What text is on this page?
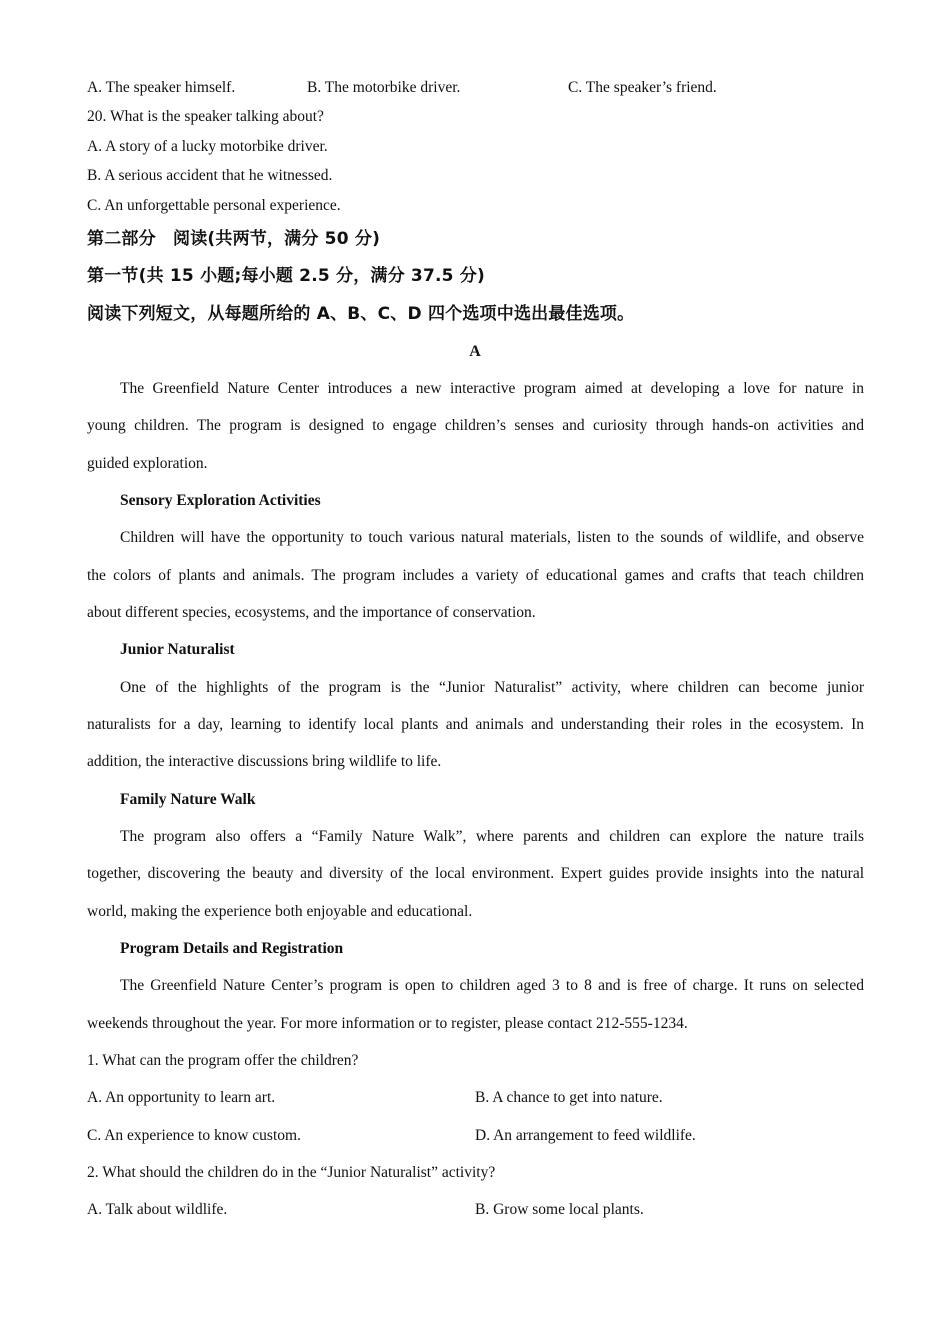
A. The speaker himself.	B. The motorbike driver.	C. The speaker’s friend.
20. What is the speaker talking about?
A. A story of a lucky motorbike driver.
B. A serious accident that he witnessed.
C. An unforgettable personal experience.
第二部分　阅读(共两节，满分 50 分)
第一节(共 15 小题;每小题 2.5 分，满分 37.5 分)
阅读下列短文，从每题所给的 A、B、C、D 四个选项中选出最佳选项。
A
The Greenfield Nature Center introduces a new interactive program aimed at developing a love for nature in
young children. The program is designed to engage children’s senses and curiosity through hands-on activities and
guided exploration.
Sensory Exploration Activities
Children will have the opportunity to touch various natural materials, listen to the sounds of wildlife, and observe
the colors of plants and animals. The program includes a variety of educational games and crafts that teach children
about different species, ecosystems, and the importance of conservation.
Junior Naturalist
One of the highlights of the program is the “Junior Naturalist” activity, where children can become junior
naturalists for a day, learning to identify local plants and animals and understanding their roles in the ecosystem. In
addition, the interactive discussions bring wildlife to life.
Family Nature Walk
The program also offers a “Family Nature Walk”, where parents and children can explore the nature trails
together, discovering the beauty and diversity of the local environment. Expert guides provide insights into the natural
world, making the experience both enjoyable and educational.
Program Details and Registration
The Greenfield Nature Center’s program is open to children aged 3 to 8 and is free of charge. It runs on selected
weekends throughout the year. For more information or to register, please contact 212-555-1234.
1. What can the program offer the children?
A. An opportunity to learn art.	B. A chance to get into nature.
C. An experience to know custom.	D. An arrangement to feed wildlife.
2. What should the children do in the “Junior Naturalist” activity?
A. Talk about wildlife.	B. Grow some local plants.
